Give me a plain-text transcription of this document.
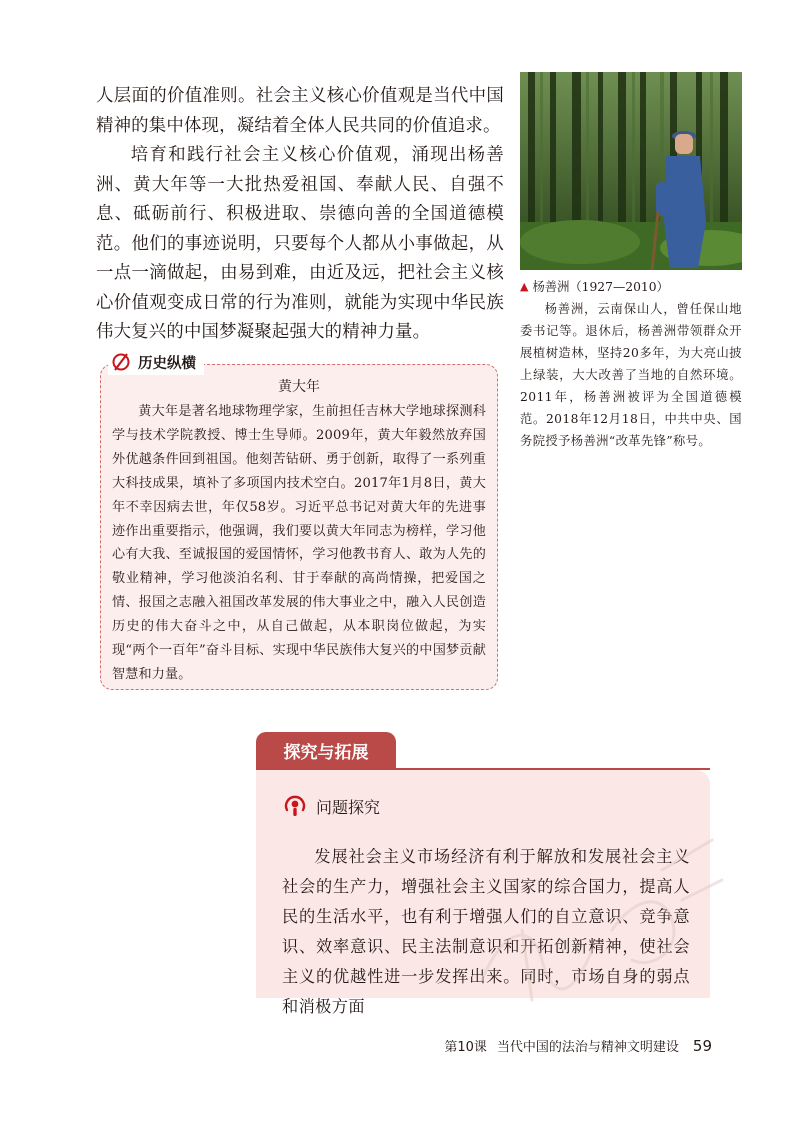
人层面的价值准则。社会主义核心价值观是当代中国精神的集中体现，凝结着全体人民共同的价值追求。

培育和践行社会主义核心价值观，涌现出杨善洲、黄大年等一大批热爱祖国、奉献人民、自强不息、砥砺前行、积极进取、崇德向善的全国道德模范。他们的事迹说明，只要每个人都从小事做起，从一点一滴做起，由易到难，由近及远，把社会主义核心价值观变成日常的行为准则，就能为实现中华民族伟大复兴的中国梦凝聚起强大的精神力量。

▲ 杨善洲（1927—2010）
杨善洲，云南保山人，曾任保山地委书记等。退休后，杨善洲带领群众开展植树造林，坚持20多年，为大亮山披上绿装，大大改善了当地的自然环境。2011年，杨善洲被评为全国道德模范。2018年12月18日，中共中央、国务院授予杨善洲“改革先锋”称号。
历史纵横
黄大年

黄大年是著名地球物理学家，生前担任吉林大学地球探测科学与技术学院教授、博士生导师。2009年，黄大年毅然放弃国外优越条件回到祖国。他刻苦钻研、勇于创新，取得了一系列重大科技成果，填补了多项国内技术空白。2017年1月8日，黄大年不幸因病去世，年仅58岁。习近平总书记对黄大年的先进事迹作出重要指示，他强调，我们要以黄大年同志为榜样，学习他心有大我、至诚报国的爱国情怀，学习他教书育人、敢为人先的敬业精神，学习他淡泊名利、甘于奉献的高尚情操，把爱国之情、报国之志融入祖国改革发展的伟大事业之中，融入人民创造历史的伟大奋斗之中，从自己做起，从本职岗位做起，为实现“两个一百年”奋斗目标、实现中华民族伟大复兴的中国梦贡献智慧和力量。

探究与拓展
问题探究

发展社会主义市场经济有利于解放和发展社会主义社会的生产力，增强社会主义国家的综合国力，提高人民的生活水平，也有利于增强人们的自立意识、竞争意识、效率意识、民主法制意识和开拓创新精神，使社会主义的优越性进一步发挥出来。同时，市场自身的弱点和消极方面

第10课 当代中国的法治与精神文明建设 59
